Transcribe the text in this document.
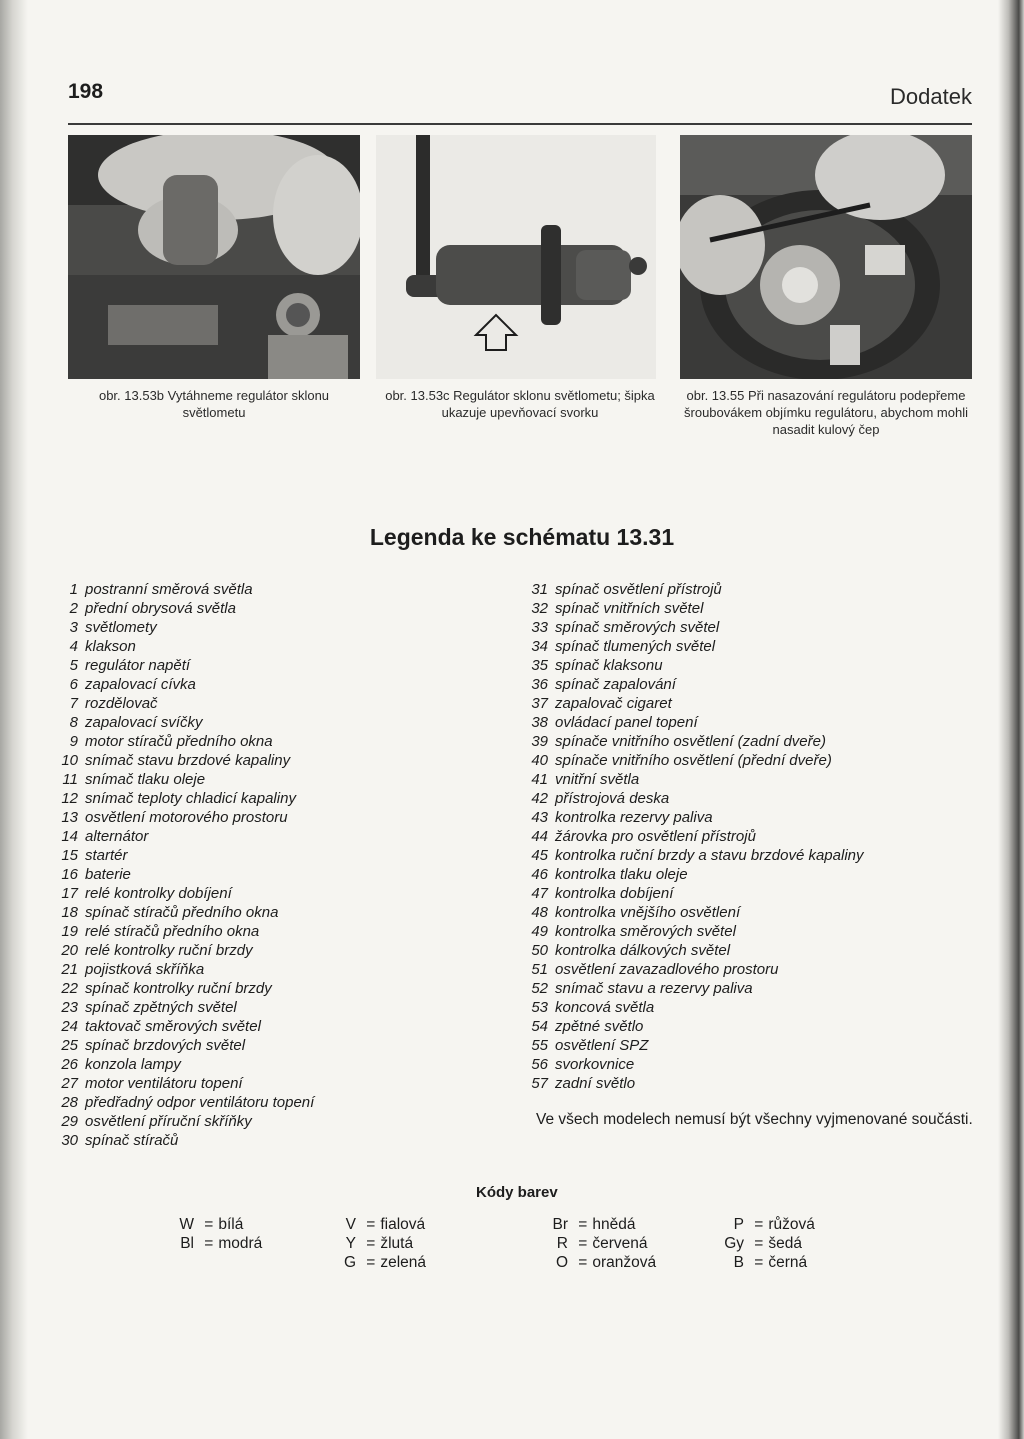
198	Dodatek
obr. 13.53b Vytáhneme regulátor sklonu světlometu
obr. 13.53c Regulátor sklonu světlometu; šipka ukazuje upevňovací svorku
obr. 13.55 Při nasazování regulátoru podepřeme šroubovákem objímku regulátoru, abychom mohli nasadit kulový čep
Legenda ke schématu 13.31
1 postranní směrová světla
2 přední obrysová světla
3 světlomety
4 klakson
5 regulátor napětí
6 zapalovací cívka
7 rozdělovač
8 zapalovací svíčky
9 motor stíračů předního okna
10 snímač stavu brzdové kapaliny
11 snímač tlaku oleje
12 snímač teploty chladicí kapaliny
13 osvětlení motorového prostoru
14 alternátor
15 startér
16 baterie
17 relé kontrolky dobíjení
18 spínač stíračů předního okna
19 relé stíračů předního okna
20 relé kontrolky ruční brzdy
21 pojistková skříňka
22 spínač kontrolky ruční brzdy
23 spínač zpětných světel
24 taktovač směrových světel
25 spínač brzdových světel
26 konzola lampy
27 motor ventilátoru topení
28 předřadný odpor ventilátoru topení
29 osvětlení příruční skříňky
30 spínač stíračů
31 spínač osvětlení přístrojů
32 spínač vnitřních světel
33 spínač směrových světel
34 spínač tlumených světel
35 spínač klaksonu
36 spínač zapalování
37 zapalovač cigaret
38 ovládací panel topení
39 spínače vnitřního osvětlení (zadní dveře)
40 spínače vnitřního osvětlení (přední dveře)
41 vnitřní světla
42 přístrojová deska
43 kontrolka rezervy paliva
44 žárovka pro osvětlení přístrojů
45 kontrolka ruční brzdy a stavu brzdové kapaliny
46 kontrolka tlaku oleje
47 kontrolka dobíjení
48 kontrolka vnějšího osvětlení
49 kontrolka směrových světel
50 kontrolka dálkových světel
51 osvětlení zavazadlového prostoru
52 snímač stavu a rezervy paliva
53 koncová světla
54 zpětné světlo
55 osvětlení SPZ
56 svorkovnice
57 zadní světlo
Ve všech modelech nemusí být všechny vyjmenované součásti.
Kódy barev
W = bílá
Bl = modrá
V = fialová
Y = žlutá
G = zelená
Br = hnědá
R = červená
O = oranžová
P = růžová
Gy = šedá
B = černá
